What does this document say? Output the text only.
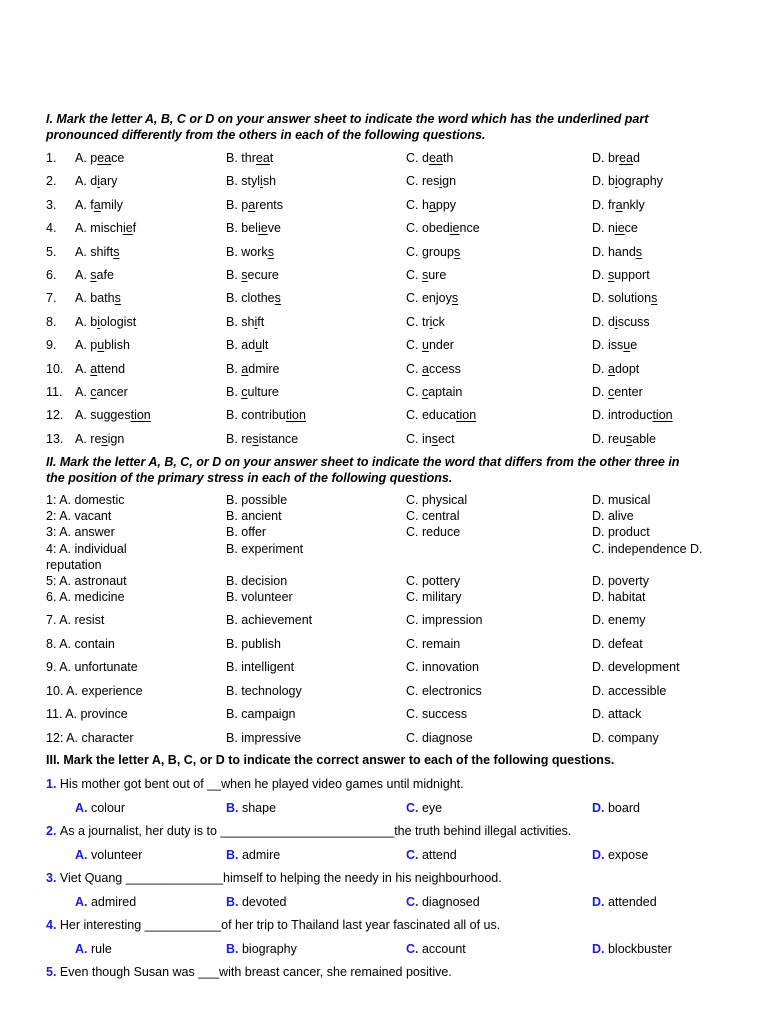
I. Mark the letter A, B, C or D on your answer sheet to indicate the word which has the underlined part
pronounced differently from the others in each of the following questions.
1. A. peace	B. threat	C. death	D. bread
2. A. diary	B. stylish	C. resign	D. biography
3. A. family	B. parents	C. happy	D. frankly
4. A. mischief	B. believe	C. obedience	D. niece
5. A. shifts	B. works	C. groups	D. hands
6. A. safe	B. secure	C. sure	D. support
7. A. baths	B. clothes	C. enjoys	D. solutions
8. A. biologist	B. shift	C. trick	D. discuss
9. A. publish	B. adult	C. under	D. issue
10. A. attend	B. admire	C. access	D. adopt
11. A. cancer	B. culture	C. captain	D. center
12. A. suggestion	B. contribution	C. education	D. introduction
13. A. resign	B. resistance	C. insect	D. reusable
II. Mark the letter A, B, C, or D on your answer sheet to indicate the word that differs from the other three in
the position of the primary stress in each of the following questions.
1: A. domestic	B. possible	C. physical	D. musical
2: A. vacant	B. ancient	C. central	D. alive
3: A. answer	B. offer	C. reduce	D. product
4: A. individual	B. experiment	C. independence D.
reputation
5: A. astronaut	B. decision	C. pottery	D. poverty
6. A. medicine	B. volunteer	C. military	D. habitat
7. A. resist	B. achievement	C. impression	D. enemy
8. A. contain	B. publish	C. remain	D. defeat
9. A. unfortunate	B. intelligent	C. innovation	D. development
10. A. experience	B. technology	C. electronics	D. accessible
11. A. province	B. campaign	C. success	D. attack
12: A. character	B. impressive	C. diagnose	D. company
III. Mark the letter A, B, C, or D to indicate the correct answer to each of the following questions.
1. His mother got bent out of __when he played video games until midnight.
A. colour	B. shape	C. eye	D. board
2. As a journalist, her duty is to _________________________the truth behind illegal activities.
A. volunteer	B. admire	C. attend	D. expose
3. Viet Quang ______________himself to helping the needy in his neighbourhood.
A. admired	B. devoted	C. diagnosed	D. attended
4. Her interesting ___________of her trip to Thailand last year fascinated all of us.
A. rule	B. biography	C. account	D. blockbuster
5. Even though Susan was ___with breast cancer, she remained positive.
